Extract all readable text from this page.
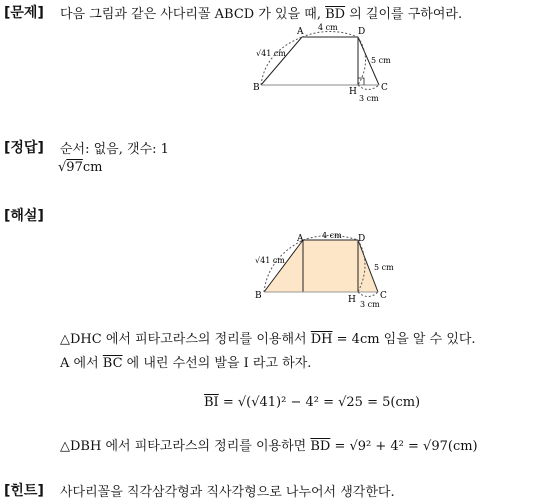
[문제] 다음 그림과 같은 사다리꼴 ABCD 가 있을 때, $\overline{BD}$ 의 길이를 구하여라.
A	D
B	C
H
√41 cm
4 cm
5 cm
3 cm
[정답] 순서: 없음, 갯수: 1
√97cm
[해설]
A	D
B	C
H
√41 cm
4 cm
5 cm
3 cm
△DHC 에서 피타고라스의 정리를 이용해서 $\overline{DH} = 4cm$ 임을 알 수 있다.
A 에서 $\overline{BC}$ 에 내린 수선의 발을 I 라고 하자.
$\overline{BI} = √(√41)^2 - 4^2 = √25 = 5(cm)$
△DBH 에서 피타고라스의 정리를 이용하면 $\overline{BD} = √9^2 + 4^2 = √97(cm)$
[힌트] 사다리꼴을 직각삼각형과 직사각형으로 나누어서 생각한다.
